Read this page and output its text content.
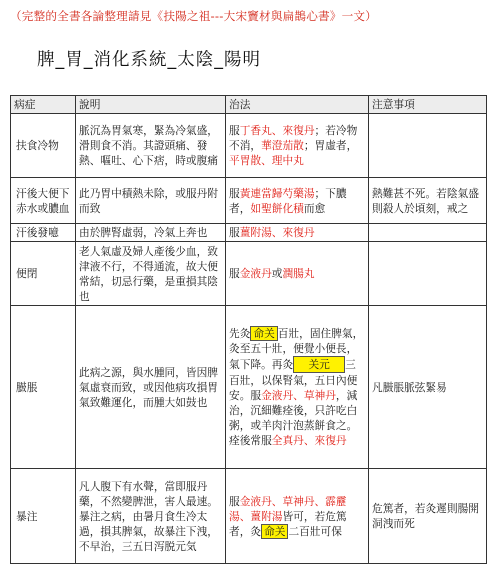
（完整的全書各論整理請見《扶陽之祖---大宋竇材與扁鵲心書》一文）
脾_胃_消化系統_太陰_陽明
病症	說明	治法	注意事項
扶食冷物	脈沉為胃氣寒，緊為冷氣盛，滑則食不消。其證頭痛、發熱、嘔吐、心下痞，時或腹痛	服丁香丸、來復丹；若冷物不消，華澄茄散；胃虛者，平胃散、理中丸	
汗後大便下赤水或膿血	此乃胃中積熱未除，或服丹附而致	服黃連當歸芍藥湯；下膿者，如聖餅化積而愈	熱難甚不死。若陰氣盛則殺人於頃刻，戒之
汗後發噫	由於脾腎虛弱，冷氣上奔也	服薑附湯、來復丹	
便閉	老人氣虛及婦人產後少血，致津液不行，不得通流，故大便常結，切忌行藥，是重損其陰也	服金液丹或潤腸丸	
臌脹	此病之源，與水腫同，皆因脾氣虛衰而致，或因他病攻損胃氣致難運化，而腫大如鼓也	先灸 命关 百壯，固住脾氣，灸至五十壯，便覺小便長，氣下降。再灸 关元 三百壯，以保腎氣，五日內便安。服金液丹、草神丹，減　治，沉細難痊後，只許吃白粥，或羊肉汁泡蒸餅食之。痊後常服全真丹、來復丹	凡臌脹脈弦緊易
暴注	凡人腹下有水聲，當即服丹藥，不然變脾泄，害人最速。暴注之病，由暑月食生冷太過，損其脾氣，故暴注下洩，不早治，三五日泻脱元気	服金液丹、草神丹、霹靂湯、薑附湯皆可，若危篤者，灸 命关 二百壯可保	危篤者，若灸遲則腸開洞洩而死
